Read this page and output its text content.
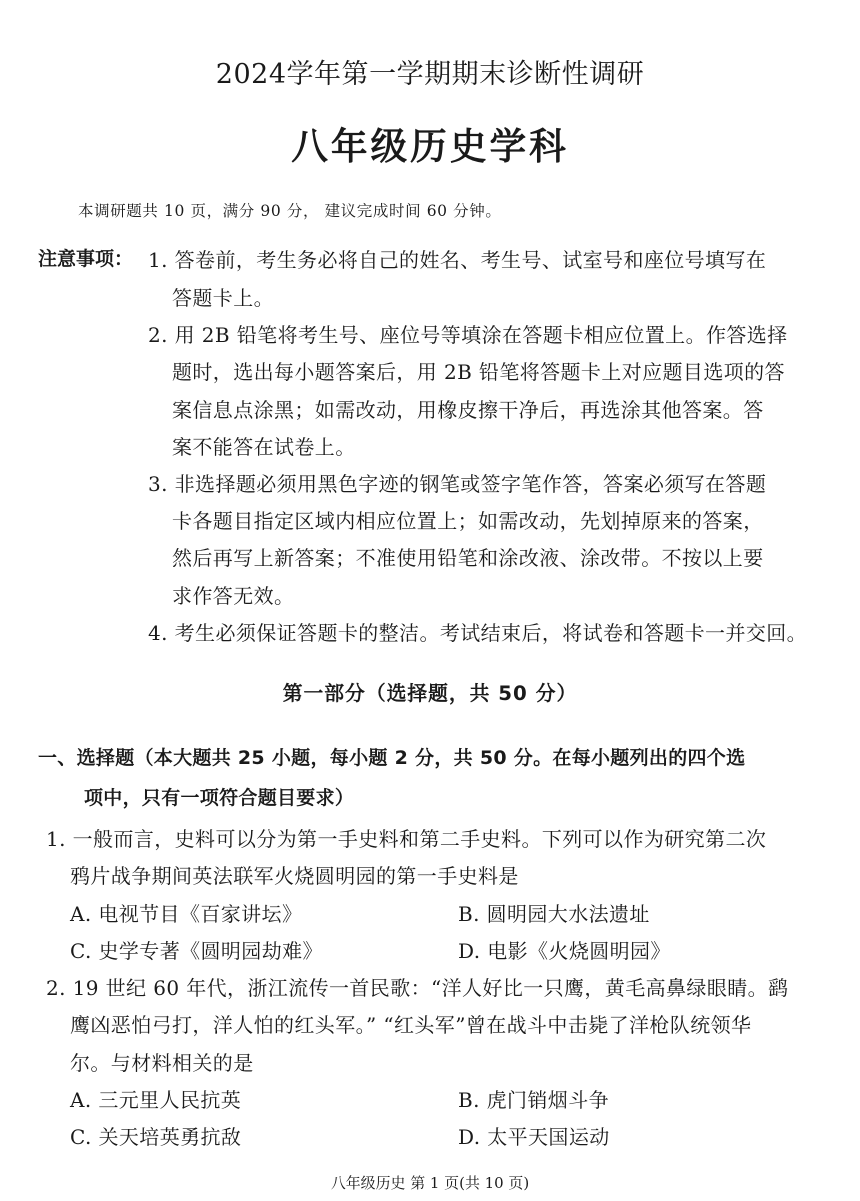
2024学年第一学期期末诊断性调研
八年级历史学科
本调研题共 10 页，满分 90 分， 建议完成时间 60 分钟。
注意事项： 1. 答卷前，考生务必将自己的姓名、考生号、试室号和座位号填写在
答题卡上。
2. 用 2B 铅笔将考生号、座位号等填涂在答题卡相应位置上。作答选择
题时，选出每小题答案后，用 2B 铅笔将答题卡上对应题目选项的答
案信息点涂黑；如需改动，用橡皮擦干净后，再选涂其他答案。答
案不能答在试卷上。
3. 非选择题必须用黑色字迹的钢笔或签字笔作答，答案必须写在答题
卡各题目指定区域内相应位置上；如需改动，先划掉原来的答案，
然后再写上新答案；不准使用铅笔和涂改液、涂改带。不按以上要
求作答无效。
4. 考生必须保证答题卡的整洁。考试结束后，将试卷和答题卡一并交回。
第一部分（选择题，共 50 分）
一、选择题（本大题共 25 小题，每小题 2 分，共 50 分。在每小题列出的四个选
项中，只有一项符合题目要求）
1. 一般而言，史料可以分为第一手史料和第二手史料。下列可以作为研究第二次
鸦片战争期间英法联军火烧圆明园的第一手史料是
A. 电视节目《百家讲坛》	B. 圆明园大水法遗址
C. 史学专著《圆明园劫难》	D. 电影《火烧圆明园》
2. 19 世纪 60 年代，浙江流传一首民歌：“洋人好比一只鹰，黄毛高鼻绿眼睛。鹞
鹰凶恶怕弓打，洋人怕的红头军。” “红头军”曾在战斗中击毙了洋枪队统领华
尔。与材料相关的是
A. 三元里人民抗英	B. 虎门销烟斗争
C. 关天培英勇抗敌	D. 太平天国运动
八年级历史 第 1 页(共 10 页)
